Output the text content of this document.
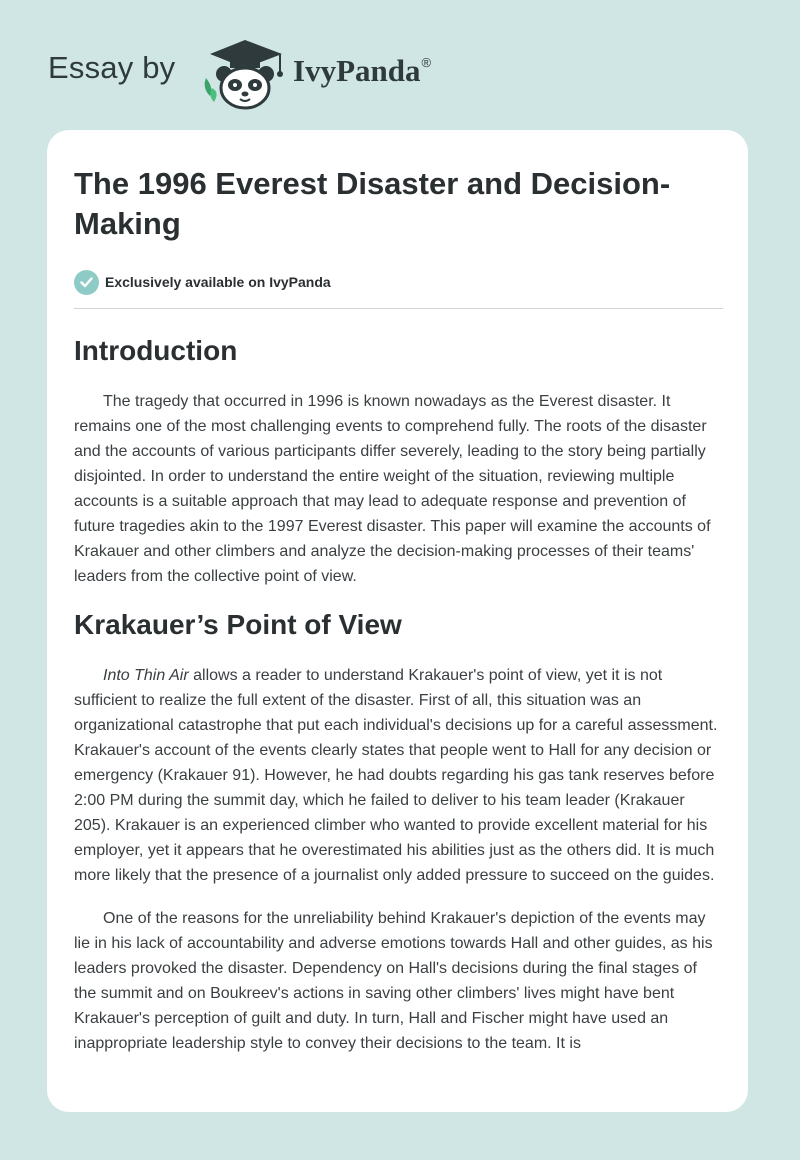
Essay by	IvyPanda®
The 1996 Everest Disaster and Decision-Making
Exclusively available on IvyPanda
Introduction

The tragedy that occurred in 1996 is known nowadays as the Everest disaster. It remains one of the most challenging events to comprehend fully. The roots of the disaster and the accounts of various participants differ severely, leading to the story being partially disjointed. In order to understand the entire weight of the situation, reviewing multiple accounts is a suitable approach that may lead to adequate response and prevention of future tragedies akin to the 1997 Everest disaster. This paper will examine the accounts of Krakauer and other climbers and analyze the decision-making processes of their teams' leaders from the collective point of view.

Krakauer’s Point of View

Into Thin Air allows a reader to understand Krakauer's point of view, yet it is not sufficient to realize the full extent of the disaster. First of all, this situation was an organizational catastrophe that put each individual's decisions up for a careful assessment. Krakauer's account of the events clearly states that people went to Hall for any decision or emergency (Krakauer 91). However, he had doubts regarding his gas tank reserves before 2:00 PM during the summit day, which he failed to deliver to his team leader (Krakauer 205). Krakauer is an experienced climber who wanted to provide excellent material for his employer, yet it appears that he overestimated his abilities just as the others did. It is much more likely that the presence of a journalist only added pressure to succeed on the guides.

One of the reasons for the unreliability behind Krakauer's depiction of the events may lie in his lack of accountability and adverse emotions towards Hall and other guides, as his leaders provoked the disaster. Dependency on Hall's decisions during the final stages of the summit and on Boukreev's actions in saving other climbers' lives might have bent Krakauer's perception of guilt and duty. In turn, Hall and Fischer might have used an inappropriate leadership style to convey their decisions to the team. It is
